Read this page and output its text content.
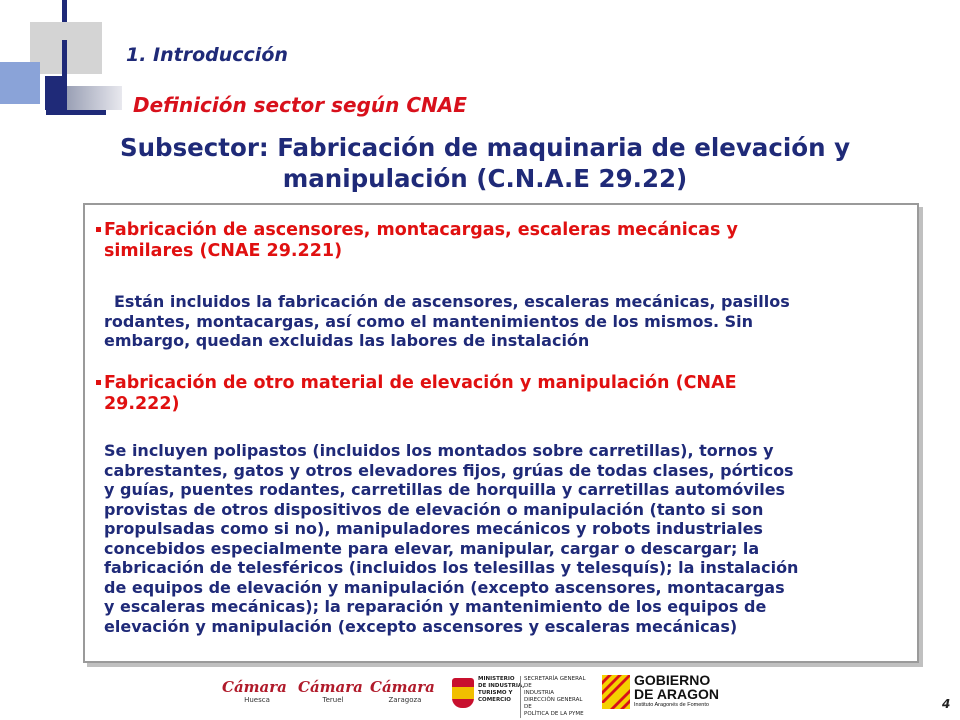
1. Introducción
Definición sector según CNAE
Subsector: Fabricación de maquinaria de elevación y
manipulación (C.N.A.E 29.22)
Fabricación de ascensores, montacargas, escaleras mecánicas y
similares (CNAE 29.221)
Están incluidos la fabricación de ascensores, escaleras mecánicas, pasillos
rodantes, montacargas, así como el mantenimientos de los mismos. Sin
embargo, quedan excluidas las labores de instalación
Fabricación de otro material de elevación y manipulación (CNAE
29.222)
Se incluyen polipastos (incluidos los montados sobre carretillas), tornos y
cabrestantes, gatos y otros elevadores fijos, grúas de todas clases, pórticos
y guías, puentes rodantes, carretillas de horquilla y carretillas automóviles
provistas de otros dispositivos de elevación o manipulación (tanto si son
propulsadas como si no), manipuladores mecánicos y robots industriales
concebidos especialmente para elevar, manipular, cargar o descargar; la
fabricación de telesféricos (incluidos los telesillas y telesquís); la instalación
de equipos de elevación y manipulación (excepto ascensores, montacargas
y escaleras mecánicas); la reparación y mantenimiento de los equipos de
elevación y manipulación (excepto ascensores y escaleras mecánicas)
Cámara
Huesca
Cámara
Teruel
Cámara
Zaragoza
MINISTERIO
DE INDUSTRIA,
TURISMO Y
COMERCIO
SECRETARÍA GENERAL DE
INDUSTRIA
DIRECCIÓN GENERAL DE
POLÍTICA DE LA PYME
GOBIERNO
DE ARAGON
Instituto Aragonés de Fomento	4
